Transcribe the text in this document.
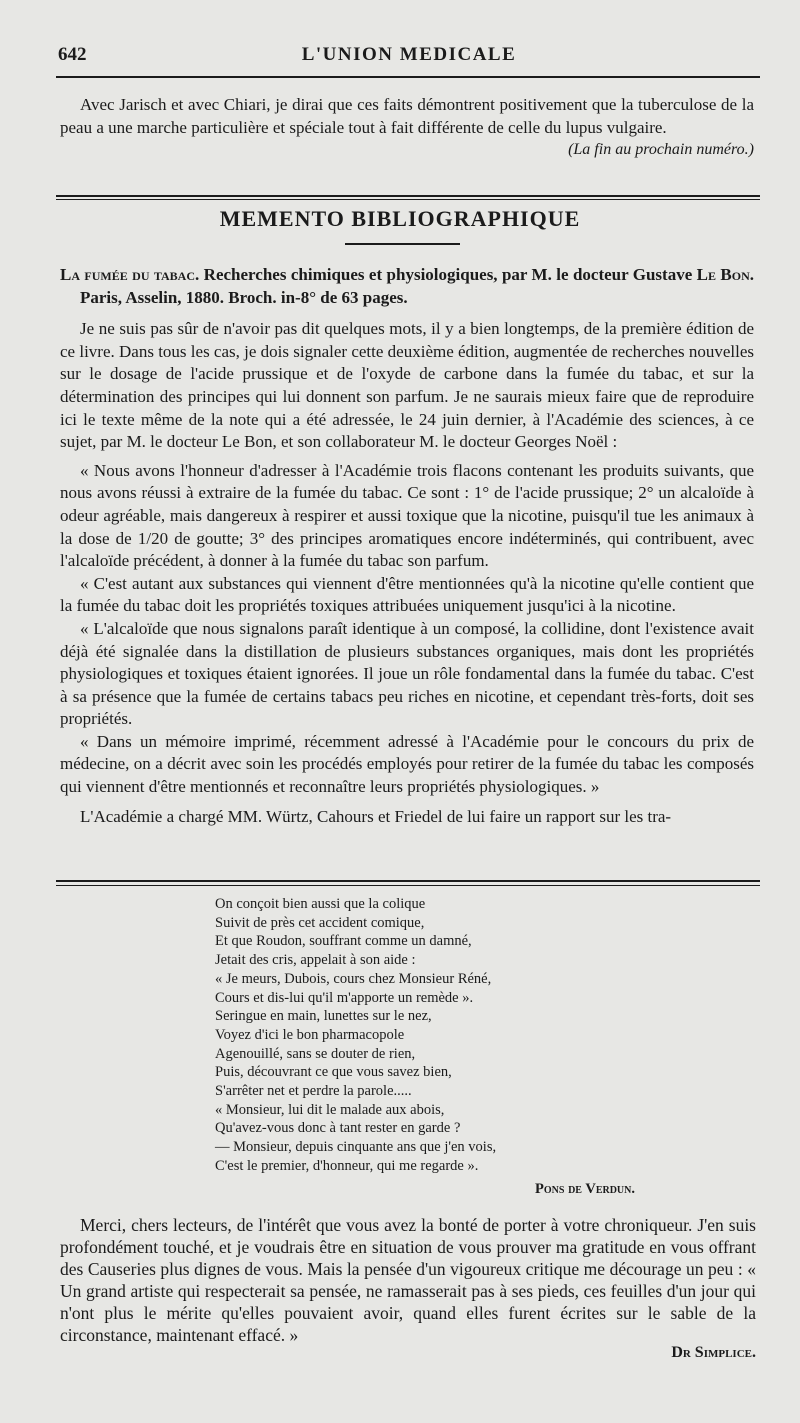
642	L'UNION MEDICALE

Avec Jarisch et avec Chiari, je dirai que ces faits démontrent positivement que la tuberculose de la peau a une marche particulière et spéciale tout à fait différente de celle du lupus vulgaire.

(La fin au prochain numéro.)

MEMENTO BIBLIOGRAPHIQUE

La fumée du tabac. Recherches chimiques et physiologiques, par M. le docteur Gustave Le Bon. Paris, Asselin, 1880. Broch. in-8° de 63 pages.

Je ne suis pas sûr de n'avoir pas dit quelques mots, il y a bien longtemps, de la première édition de ce livre. Dans tous les cas, je dois signaler cette deuxième édition, augmentée de recherches nouvelles sur le dosage de l'acide prussique et de l'oxyde de carbone dans la fumée du tabac, et sur la détermination des principes qui lui donnent son parfum. Je ne saurais mieux faire que de reproduire ici le texte même de la note qui a été adressée, le 24 juin dernier, à l'Académie des sciences, à ce sujet, par M. le docteur Le Bon, et son collaborateur M. le docteur Georges Noël :

« Nous avons l'honneur d'adresser à l'Académie trois flacons contenant les produits suivants, que nous avons réussi à extraire de la fumée du tabac. Ce sont : 1° de l'acide prussique; 2° un alcaloïde à odeur agréable, mais dangereux à respirer et aussi toxique que la nicotine, puisqu'il tue les animaux à la dose de 1/20 de goutte; 3° des principes aromatiques encore indéterminés, qui contribuent, avec l'alcaloïde précédent, à donner à la fumée du tabac son parfum.

« C'est autant aux substances qui viennent d'être mentionnées qu'à la nicotine qu'elle contient que la fumée du tabac doit les propriétés toxiques attribuées uniquement jusqu'ici à la nicotine.

« L'alcaloïde que nous signalons paraît identique à un composé, la collidine, dont l'existence avait déjà été signalée dans la distillation de plusieurs substances organiques, mais dont les propriétés physiologiques et toxiques étaient ignorées. Il joue un rôle fondamental dans la fumée du tabac. C'est à sa présence que la fumée de certains tabacs peu riches en nicotine, et cependant très-forts, doit ses propriétés.

« Dans un mémoire imprimé, récemment adressé à l'Académie pour le concours du prix de médecine, on a décrit avec soin les procédés employés pour retirer de la fumée du tabac les composés qui viennent d'être mentionnés et reconnaître leurs propriétés physiologiques. »

L'Académie a chargé MM. Würtz, Cahours et Friedel de lui faire un rapport sur les tra-

On conçoit bien aussi que la colique
Suivit de près cet accident comique,
Et que Roudon, souffrant comme un damné,
Jetait des cris, appelait à son aide :
« Je meurs, Dubois, cours chez Monsieur Réné,
Cours et dis-lui qu'il m'apporte un remède ».
Seringue en main, lunettes sur le nez,
Voyez d'ici le bon pharmacopole
Agenouillé, sans se douter de rien,
Puis, découvrant ce que vous savez bien,
S'arrêter net et perdre la parole.....
« Monsieur, lui dit le malade aux abois,
Qu'avez-vous donc à tant rester en garde ?
— Monsieur, depuis cinquante ans que j'en vois,
C'est le premier, d'honneur, qui me regarde ».
Pons de Verdun.

Merci, chers lecteurs, de l'intérêt que vous avez la bonté de porter à votre chroniqueur. J'en suis profondément touché, et je voudrais être en situation de vous prouver ma gratitude en vous offrant des Causeries plus dignes de vous. Mais la pensée d'un vigoureux critique me décourage un peu : « Un grand artiste qui respecterait sa pensée, ne ramasserait pas à ses pieds, ces feuilles d'un jour qui n'ont plus le mérite qu'elles pouvaient avoir, quand elles furent écrites sur le sable de la circonstance, maintenant effacé. »

Dr Simplice.
